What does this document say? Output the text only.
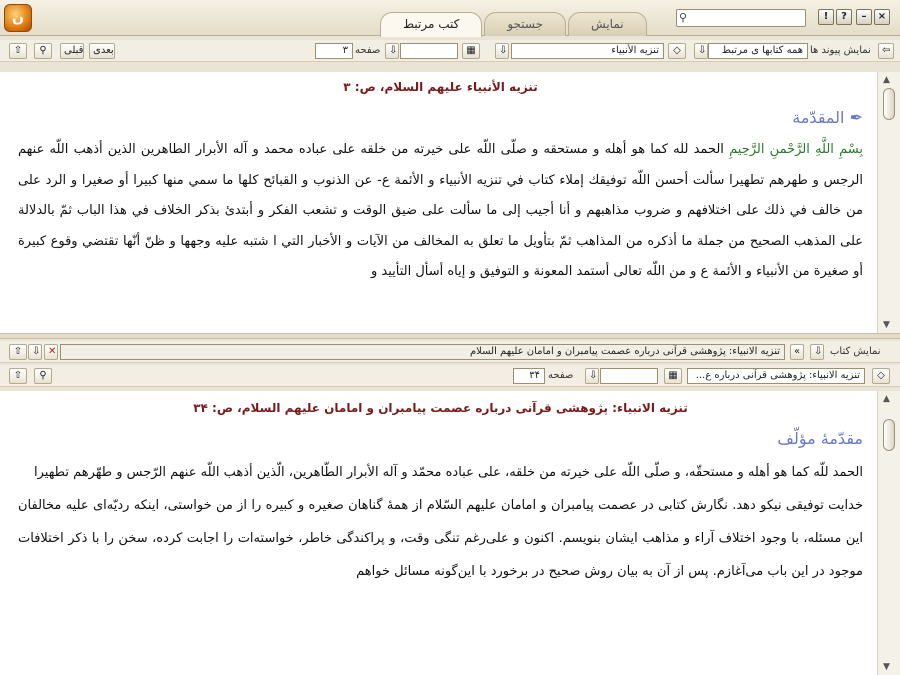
ن	!	?	–	×
⚲
کتب مرتبط	جستجو	نمایش
⇧	⚲	قبلی بعدی	۳ صفحه ⇩	▦	⇩	تنزیه الأنبیاء	◇	⇩	همه کتابها ی مرتبط نمایش پیوند ها	⇦
تنزیه الأنبیاء علیهم السلام، ص: ۳
✒ المقدّمة
بِسْمِ اللَّهِ الرَّحْمنِ الرَّحِيمِ الحمد لله كما هو أهله و مستحقه و صلّى اللّه على خيرته من خلقه على عباده محمد و آله الأبرار الطاهرين الذين أذهب اللّه عنهم الرجس و طهرهم تطهيرا سألت أحسن اللّه توفيقك إملاء كتاب في تنزيه الأنبياء و الأئمة ع- عن الذنوب و القبائح كلها ما سمي منها كبيرا أو صغيرا و الرد على من خالف في ذلك على اختلافهم و ضروب مذاهبهم و أنا أجيب إلى ما سألت على ضيق الوقت و تشعب الفكر و أبتدئ بذكر الخلاف في هذا الباب ثمّ بالدلالة على المذهب الصحيح من جملة ما أذكره من المذاهب ثمّ بتأويل ما تعلق به المخالف من الآيات و الأخبار التي ا شتبه عليه وجهها و ظنّ أنّها تقتضي وقوع كبيرة أو صغيرة من الأنبياء و الأئمة ع و من اللّه تعالى أستمد المعونة و التوفيق و إياه أسأل التأييد و
▲
▼
⇧ ⇩ ✕	تنزیه الانبیاء: پژوهشی قرآنی درباره عصمت پیامبران و امامان علیهم السلام	«	⇩ نمایش کتاب
⇧	⚲	۳۴ صفحه	⇩	▦	تنزیه الانبیاء: پژوهشی قرآنی درباره ع...	◇
تنزیه الانبیاء: پژوهشی قرآنی درباره عصمت پیامبران و امامان علیهم السلام، ص: ۳۴
مقدّمۀ مؤلّف
الحمد للّه كما هو أهله و مستحقّه، و صلّى اللّه على خيرته من خلقه، على عباده محمّد و آله الأبرار الطّاهرين، الّذين أذهب اللّه عنهم الرّجس و طهّرهم تطهيرا
خدايت توفيقى نيكو دهد. نگارش كتابى در عصمت پيامبران و امامان عليهم السّلام از همۀ گناهان صغيره و كبيره را از من خواستى، اينكه رديّه‌اى عليه مخالفان اين مسئله، با وجود اختلاف آراء و مذاهب ايشان بنويسم. اكنون و على‌رغم تنگى وقت، و پراكندگى خاطر، خواسته‌ات را اجابت كرده، سخن را با ذكر اختلافات موجود در اين باب مى‌آغازم. پس از آن به بيان روش صحيح در برخورد با اين‌گونه مسائل خواهم
▲
▼
